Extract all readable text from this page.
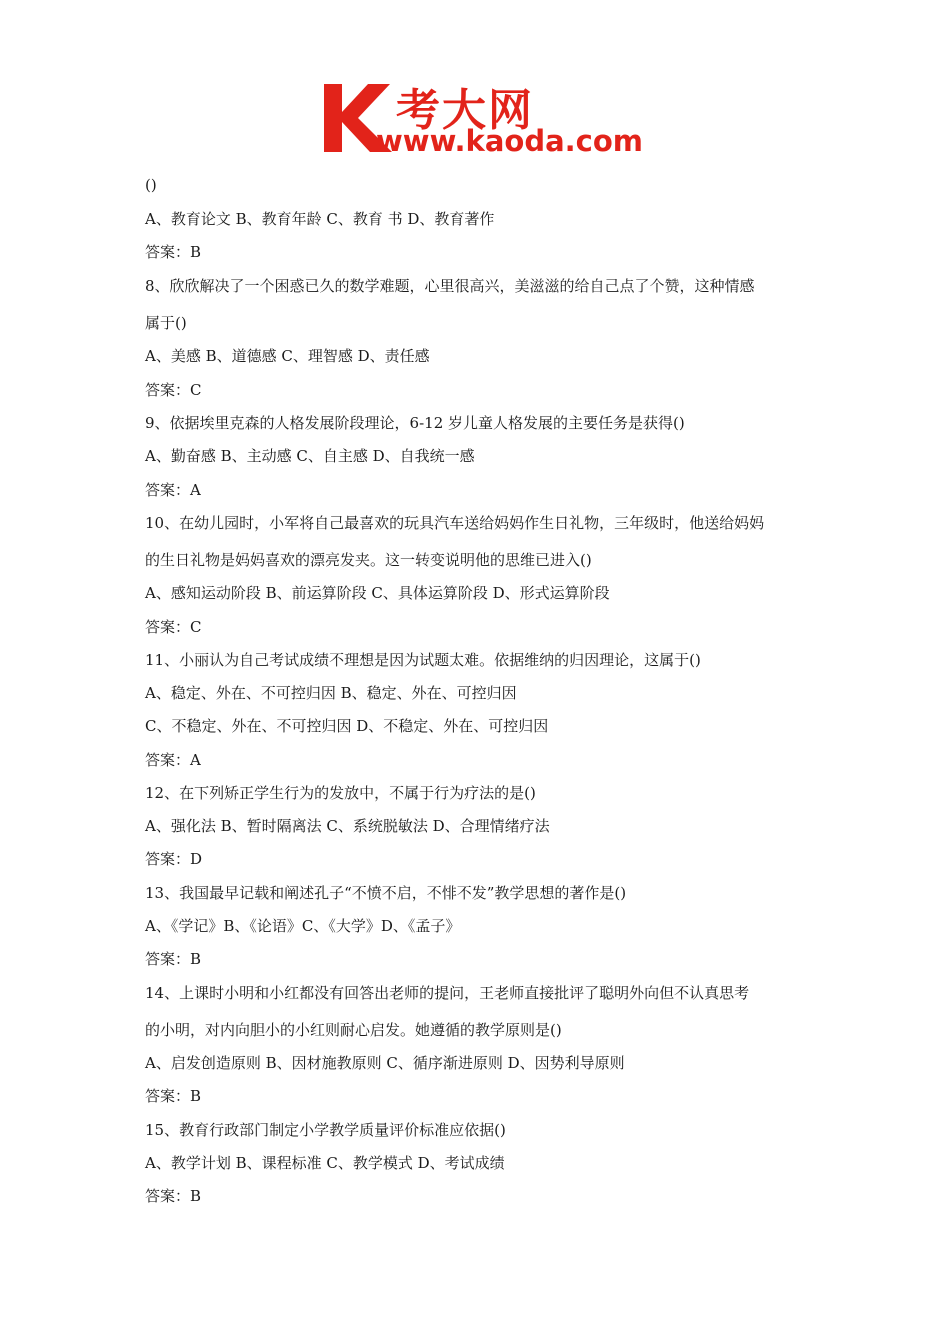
考大网
www.kaoda.com
()
A、教育论文 B、教育年龄 C、教育 书 D、教育著作
答案：B
8、欣欣解决了一个困惑已久的数学难题，心里很高兴，美滋滋的给自己点了个赞，这种情感
属于()
A、美感 B、道德感 C、理智感 D、责任感
答案：C
9、依据埃里克森的人格发展阶段理论，6-12 岁儿童人格发展的主要任务是获得()
A、勤奋感 B、主动感 C、自主感 D、自我统一感
答案：A
10、在幼儿园时，小军将自己最喜欢的玩具汽车送给妈妈作生日礼物，三年级时，他送给妈妈
的生日礼物是妈妈喜欢的漂亮发夹。这一转变说明他的思维已进入()
A、感知运动阶段 B、前运算阶段 C、具体运算阶段 D、形式运算阶段
答案：C
11、小丽认为自己考试成绩不理想是因为试题太难。依据维纳的归因理论，这属于()
A、稳定、外在、不可控归因 B、稳定、外在、可控归因
C、不稳定、外在、不可控归因 D、不稳定、外在、可控归因
答案：A
12、在下列矫正学生行为的发放中，不属于行为疗法的是()
A、强化法 B、暂时隔离法 C、系统脱敏法 D、合理情绪疗法
答案：D
13、我国最早记载和阐述孔子“不愤不启，不悱不发”教学思想的著作是()
A、《学记》B、《论语》C、《大学》D、《孟子》
答案：B
14、上课时小明和小红都没有回答出老师的提问，王老师直接批评了聪明外向但不认真思考
的小明，对内向胆小的小红则耐心启发。她遵循的教学原则是()
A、启发创造原则 B、因材施教原则 C、循序渐进原则 D、因势利导原则
答案：B
15、教育行政部门制定小学教学质量评价标准应依据()
A、教学计划 B、课程标准 C、教学模式 D、考试成绩
答案：B
